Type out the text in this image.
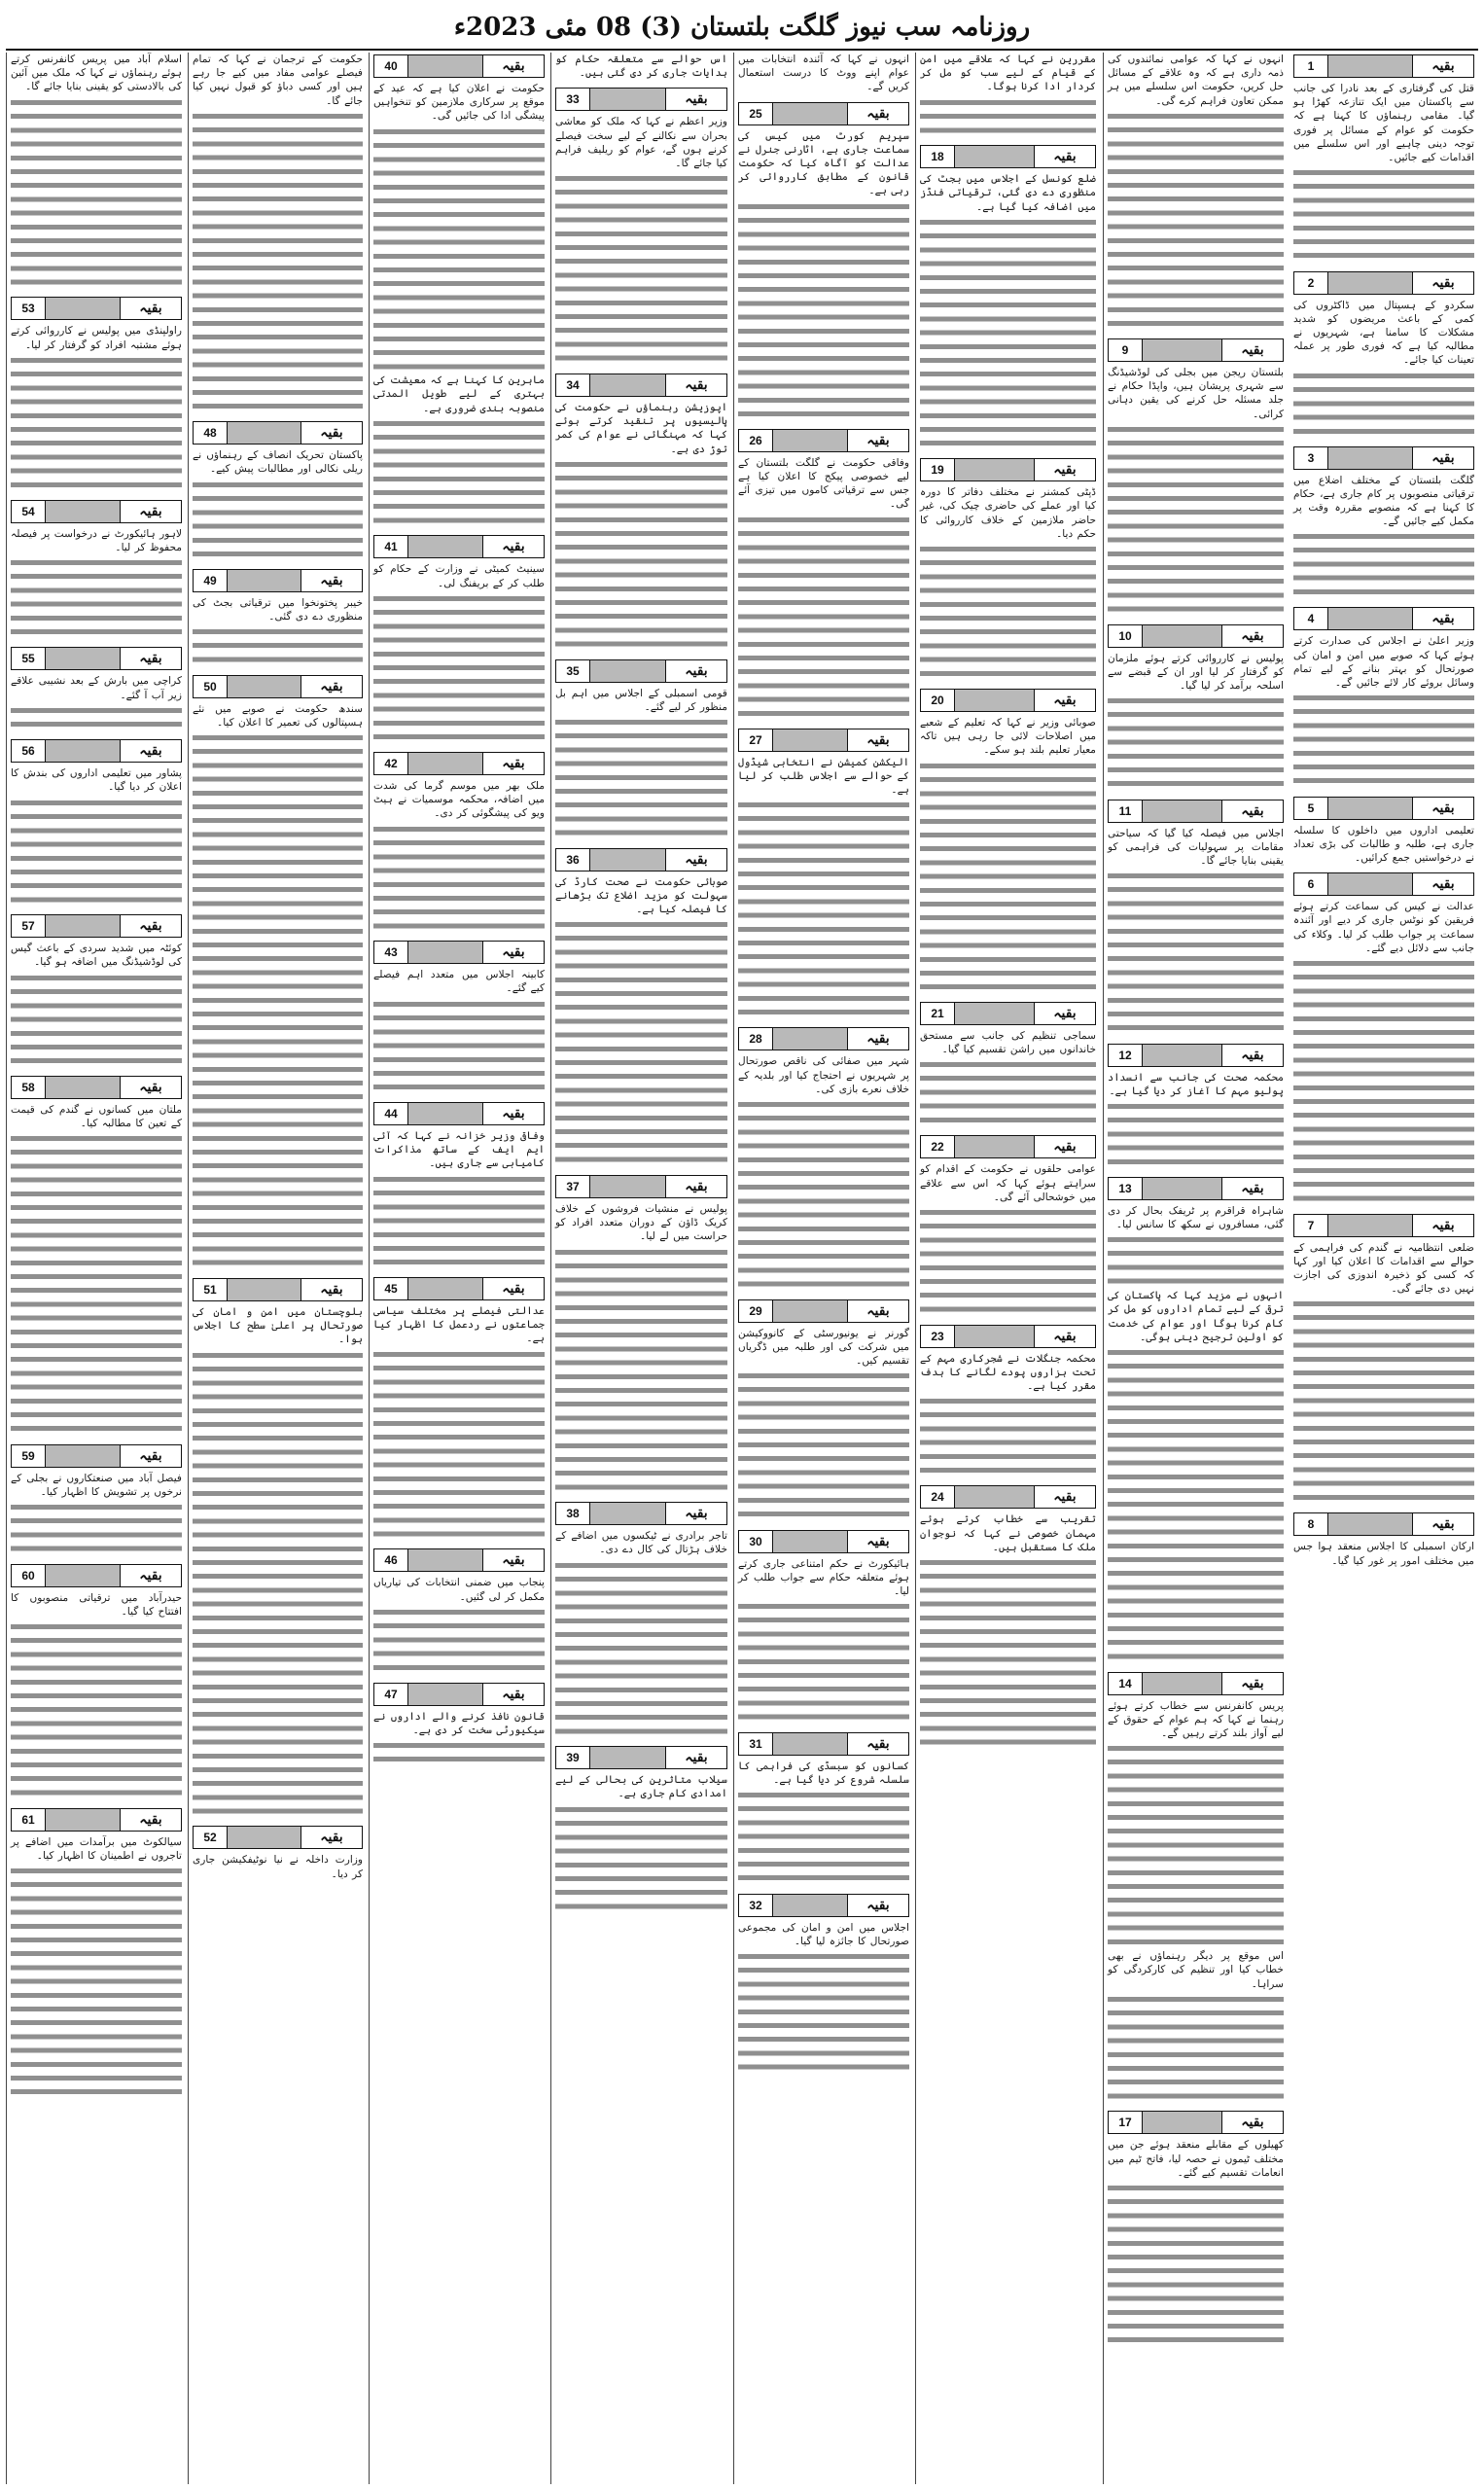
روزنامہ سب نیوز گلگت بلتستان (3) 08 مئی 2023ء
بقیہ
1
قتل کی گرفتاری کے بعد نادرا کی جانب سے پاکستان میں ایک تنازعہ کھڑا ہو گیا۔ مقامی رہنماؤں کا کہنا ہے کہ حکومت کو عوام کے مسائل پر فوری توجہ دینی چاہیے اور اس سلسلے میں اقدامات کیے جائیں۔
بقیہ
2
سکردو کے ہسپتال میں ڈاکٹروں کی کمی کے باعث مریضوں کو شدید مشکلات کا سامنا ہے، شہریوں نے مطالبہ کیا ہے کہ فوری طور پر عملہ تعینات کیا جائے۔
بقیہ
3
گلگت بلتستان کے مختلف اضلاع میں ترقیاتی منصوبوں پر کام جاری ہے، حکام کا کہنا ہے کہ منصوبے مقررہ وقت پر مکمل کیے جائیں گے۔
بقیہ
4
وزیر اعلیٰ نے اجلاس کی صدارت کرتے ہوئے کہا کہ صوبے میں امن و امان کی صورتحال کو بہتر بنانے کے لیے تمام وسائل بروئے کار لائے جائیں گے۔
بقیہ
5
تعلیمی اداروں میں داخلوں کا سلسلہ جاری ہے، طلبہ و طالبات کی بڑی تعداد نے درخواستیں جمع کرائیں۔
بقیہ
6
عدالت نے کیس کی سماعت کرتے ہوئے فریقین کو نوٹس جاری کر دیے اور آئندہ سماعت پر جواب طلب کر لیا۔ وکلاء کی جانب سے دلائل دیے گئے۔
بقیہ
7
ضلعی انتظامیہ نے گندم کی فراہمی کے حوالے سے اقدامات کا اعلان کیا اور کہا کہ کسی کو ذخیرہ اندوزی کی اجازت نہیں دی جائے گی۔
بقیہ
8
ارکان اسمبلی کا اجلاس منعقد ہوا جس میں مختلف امور پر غور کیا گیا۔
انہوں نے کہا کہ عوامی نمائندوں کی ذمہ داری ہے کہ وہ علاقے کے مسائل حل کریں، حکومت اس سلسلے میں ہر ممکن تعاون فراہم کرے گی۔
بقیہ
9
بلتستان ریجن میں بجلی کی لوڈشیڈنگ سے شہری پریشان ہیں، واپڈا حکام نے جلد مسئلہ حل کرنے کی یقین دہانی کرائی۔
بقیہ
10
پولیس نے کارروائی کرتے ہوئے ملزمان کو گرفتار کر لیا اور ان کے قبضے سے اسلحہ برآمد کر لیا گیا۔
بقیہ
11
اجلاس میں فیصلہ کیا گیا کہ سیاحتی مقامات پر سہولیات کی فراہمی کو یقینی بنایا جائے گا۔
بقیہ
12
محکمہ صحت کی جانب سے انسداد پولیو مہم کا آغاز کر دیا گیا ہے۔
بقیہ
13
شاہراہ قراقرم پر ٹریفک بحال کر دی گئی، مسافروں نے سکھ کا سانس لیا۔
انہوں نے مزید کہا کہ پاکستان کی ترقی کے لیے تمام اداروں کو مل کر کام کرنا ہوگا اور عوام کی خدمت کو اولین ترجیح دینی ہوگی۔
بقیہ
14
پریس کانفرنس سے خطاب کرتے ہوئے رہنما نے کہا کہ ہم عوام کے حقوق کے لیے آواز بلند کرتے رہیں گے۔
اس موقع پر دیگر رہنماؤں نے بھی خطاب کیا اور تنظیم کی کارکردگی کو سراہا۔
بقیہ
17
کھیلوں کے مقابلے منعقد ہوئے جن میں مختلف ٹیموں نے حصہ لیا، فاتح ٹیم میں انعامات تقسیم کیے گئے۔
مقررین نے کہا کہ علاقے میں امن کے قیام کے لیے سب کو مل کر کردار ادا کرنا ہوگا۔
بقیہ
18
ضلع کونسل کے اجلاس میں بجٹ کی منظوری دے دی گئی، ترقیاتی فنڈز میں اضافہ کیا گیا ہے۔
بقیہ
19
ڈپٹی کمشنر نے مختلف دفاتر کا دورہ کیا اور عملے کی حاضری چیک کی، غیر حاضر ملازمین کے خلاف کارروائی کا حکم دیا۔
بقیہ
20
صوبائی وزیر نے کہا کہ تعلیم کے شعبے میں اصلاحات لائی جا رہی ہیں تاکہ معیار تعلیم بلند ہو سکے۔
بقیہ
21
سماجی تنظیم کی جانب سے مستحق خاندانوں میں راشن تقسیم کیا گیا۔
بقیہ
22
عوامی حلقوں نے حکومت کے اقدام کو سراہتے ہوئے کہا کہ اس سے علاقے میں خوشحالی آئے گی۔
بقیہ
23
محکمہ جنگلات نے شجرکاری مہم کے تحت ہزاروں پودے لگانے کا ہدف مقرر کیا ہے۔
بقیہ
24
تقریب سے خطاب کرتے ہوئے مہمان خصوصی نے کہا کہ نوجوان ملک کا مستقبل ہیں۔
انہوں نے کہا کہ آئندہ انتخابات میں عوام اپنے ووٹ کا درست استعمال کریں گے۔
بقیہ
25
سپریم کورٹ میں کیس کی سماعت جاری ہے، اٹارنی جنرل نے عدالت کو آگاہ کیا کہ حکومت قانون کے مطابق کارروائی کر رہی ہے۔
بقیہ
26
وفاقی حکومت نے گلگت بلتستان کے لیے خصوصی پیکج کا اعلان کیا ہے جس سے ترقیاتی کاموں میں تیزی آئے گی۔
بقیہ
27
الیکشن کمیشن نے انتخابی شیڈول کے حوالے سے اجلاس طلب کر لیا ہے۔
بقیہ
28
شہر میں صفائی کی ناقص صورتحال پر شہریوں نے احتجاج کیا اور بلدیہ کے خلاف نعرے بازی کی۔
بقیہ
29
گورنر نے یونیورسٹی کے کانووکیشن میں شرکت کی اور طلبہ میں ڈگریاں تقسیم کیں۔
بقیہ
30
ہائیکورٹ نے حکم امتناعی جاری کرتے ہوئے متعلقہ حکام سے جواب طلب کر لیا۔
بقیہ
31
کسانوں کو سبسڈی کی فراہمی کا سلسلہ شروع کر دیا گیا ہے۔
بقیہ
32
اجلاس میں امن و امان کی مجموعی صورتحال کا جائزہ لیا گیا۔
اس حوالے سے متعلقہ حکام کو ہدایات جاری کر دی گئی ہیں۔
بقیہ
33
وزیر اعظم نے کہا کہ ملک کو معاشی بحران سے نکالنے کے لیے سخت فیصلے کرنے ہوں گے، عوام کو ریلیف فراہم کیا جائے گا۔
بقیہ
34
اپوزیشن رہنماؤں نے حکومت کی پالیسیوں پر تنقید کرتے ہوئے کہا کہ مہنگائی نے عوام کی کمر توڑ دی ہے۔
بقیہ
35
قومی اسمبلی کے اجلاس میں اہم بل منظور کر لیے گئے۔
بقیہ
36
صوبائی حکومت نے صحت کارڈ کی سہولت کو مزید اضلاع تک بڑھانے کا فیصلہ کیا ہے۔
بقیہ
37
پولیس نے منشیات فروشوں کے خلاف کریک ڈاؤن کے دوران متعدد افراد کو حراست میں لے لیا۔
بقیہ
38
تاجر برادری نے ٹیکسوں میں اضافے کے خلاف ہڑتال کی کال دے دی۔
بقیہ
39
سیلاب متاثرین کی بحالی کے لیے امدادی کام جاری ہے۔
بقیہ
40
حکومت نے اعلان کیا ہے کہ عید کے موقع پر سرکاری ملازمین کو تنخواہیں پیشگی ادا کی جائیں گی۔
ماہرین کا کہنا ہے کہ معیشت کی بہتری کے لیے طویل المدتی منصوبہ بندی ضروری ہے۔
بقیہ
41
سینیٹ کمیٹی نے وزارت کے حکام کو طلب کر کے بریفنگ لی۔
بقیہ
42
ملک بھر میں موسم گرما کی شدت میں اضافہ، محکمہ موسمیات نے ہیٹ ویو کی پیشگوئی کر دی۔
بقیہ
43
کابینہ اجلاس میں متعدد اہم فیصلے کیے گئے۔
بقیہ
44
وفاقی وزیر خزانہ نے کہا کہ آئی ایم ایف کے ساتھ مذاکرات کامیابی سے جاری ہیں۔
بقیہ
45
عدالتی فیصلے پر مختلف سیاسی جماعتوں نے ردعمل کا اظہار کیا ہے۔
بقیہ
46
پنجاب میں ضمنی انتخابات کی تیاریاں مکمل کر لی گئیں۔
بقیہ
47
قانون نافذ کرنے والے اداروں نے سیکیورٹی سخت کر دی ہے۔
حکومت کے ترجمان نے کہا کہ تمام فیصلے عوامی مفاد میں کیے جا رہے ہیں اور کسی دباؤ کو قبول نہیں کیا جائے گا۔
بقیہ
48
پاکستان تحریک انصاف کے رہنماؤں نے ریلی نکالی اور مطالبات پیش کیے۔
بقیہ
49
خیبر پختونخوا میں ترقیاتی بجٹ کی منظوری دے دی گئی۔
بقیہ
50
سندھ حکومت نے صوبے میں نئے ہسپتالوں کی تعمیر کا اعلان کیا۔
بقیہ
51
بلوچستان میں امن و امان کی صورتحال پر اعلیٰ سطح کا اجلاس ہوا۔
بقیہ
52
وزارت داخلہ نے نیا نوٹیفکیشن جاری کر دیا۔
اسلام آباد میں پریس کانفرنس کرتے ہوئے رہنماؤں نے کہا کہ ملک میں آئین کی بالادستی کو یقینی بنایا جائے گا۔
بقیہ
53
راولپنڈی میں پولیس نے کارروائی کرتے ہوئے مشتبہ افراد کو گرفتار کر لیا۔
بقیہ
54
لاہور ہائیکورٹ نے درخواست پر فیصلہ محفوظ کر لیا۔
بقیہ
55
کراچی میں بارش کے بعد نشیبی علاقے زیر آب آ گئے۔
بقیہ
56
پشاور میں تعلیمی اداروں کی بندش کا اعلان کر دیا گیا۔
بقیہ
57
کوئٹہ میں شدید سردی کے باعث گیس کی لوڈشیڈنگ میں اضافہ ہو گیا۔
بقیہ
58
ملتان میں کسانوں نے گندم کی قیمت کے تعین کا مطالبہ کیا۔
بقیہ
59
فیصل آباد میں صنعتکاروں نے بجلی کے نرخوں پر تشویش کا اظہار کیا۔
بقیہ
60
حیدرآباد میں ترقیاتی منصوبوں کا افتتاح کیا گیا۔
بقیہ
61
سیالکوٹ میں برآمدات میں اضافے پر تاجروں نے اطمینان کا اظہار کیا۔
